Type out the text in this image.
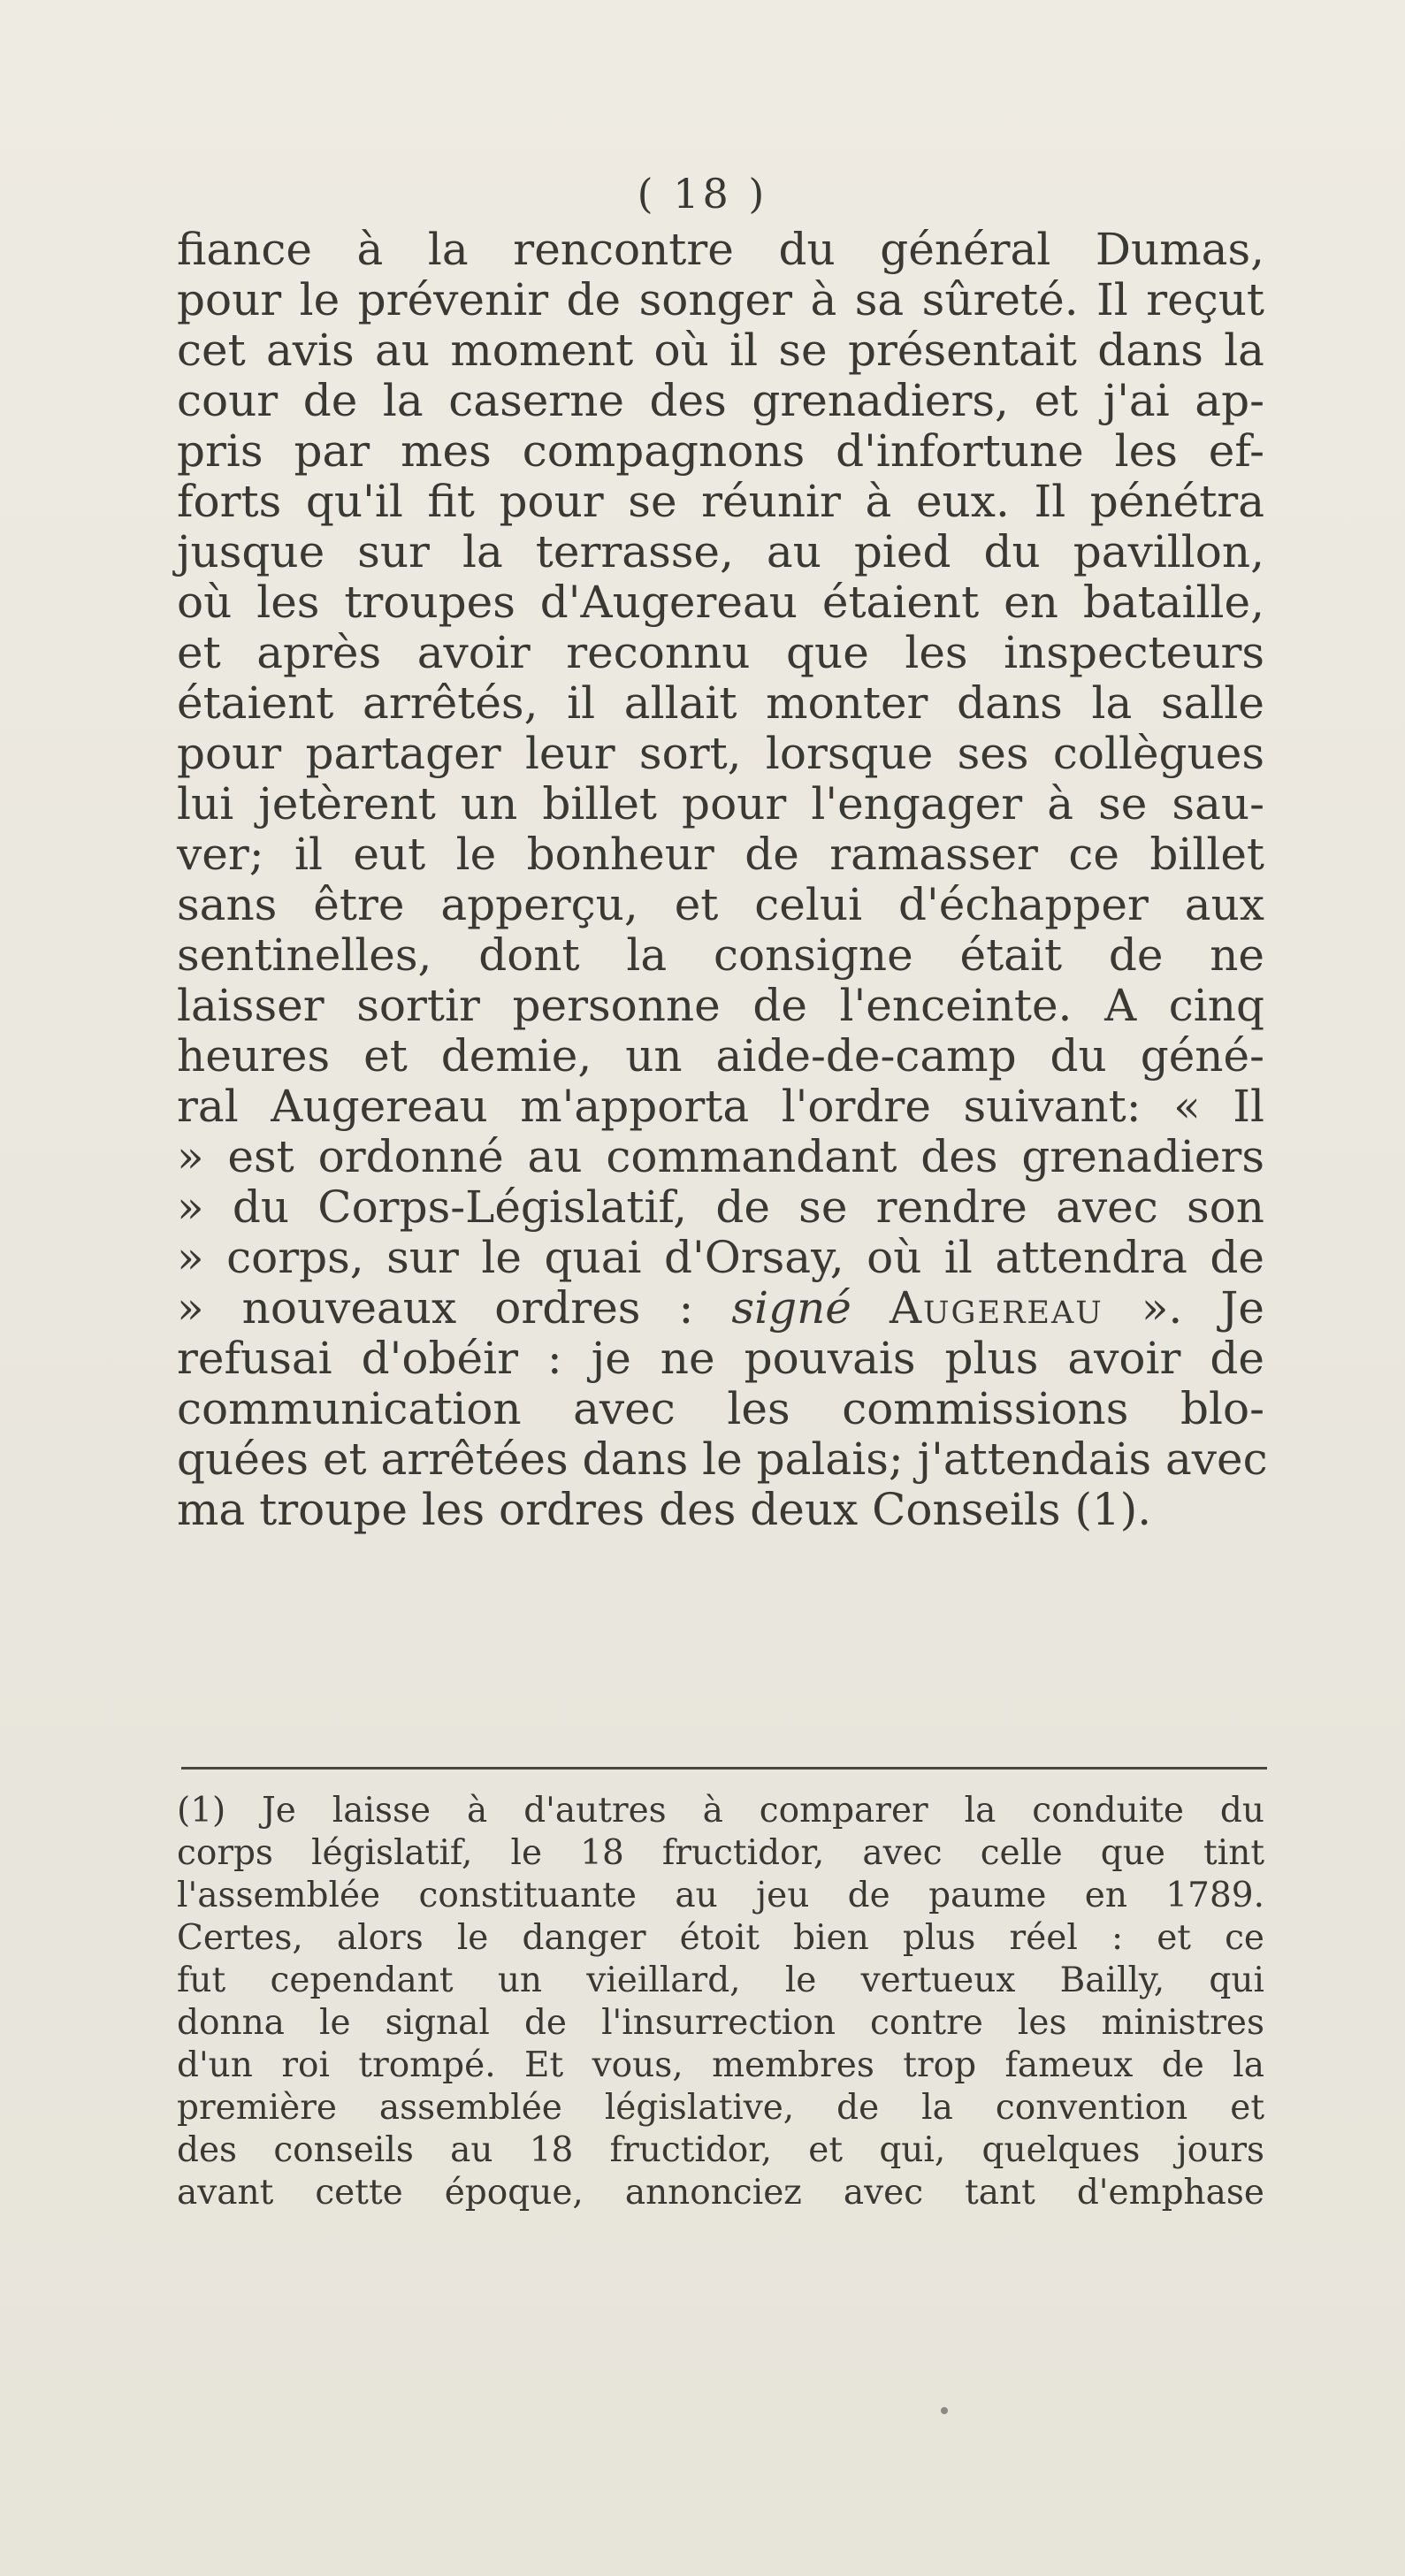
( 18 )
fiance à la rencontre du général Dumas,
pour le prévenir de songer à sa sûreté. Il reçut
cet avis au moment où il se présentait dans la
cour de la caserne des grenadiers, et j'ai ap-
pris par mes compagnons d'infortune les ef-
forts qu'il fit pour se réunir à eux. Il pénétra
jusque sur la terrasse, au pied du pavillon,
où les troupes d'Augereau étaient en bataille,
et après avoir reconnu que les inspecteurs
étaient arrêtés, il allait monter dans la salle
pour partager leur sort, lorsque ses collègues
lui jetèrent un billet pour l'engager à se sau-
ver; il eut le bonheur de ramasser ce billet
sans être apperçu, et celui d'échapper aux
sentinelles, dont la consigne était de ne
laisser sortir personne de l'enceinte. A cinq
heures et demie, un aide-de-camp du géné-
ral Augereau m'apporta l'ordre suivant: « Il
» est ordonné au commandant des grenadiers
» du Corps-Législatif, de se rendre avec son
» corps, sur le quai d'Orsay, où il attendra de
» nouveaux ordres : signé Augereau ». Je
refusai d'obéir : je ne pouvais plus avoir de
communication avec les commissions blo-
quées et arrêtées dans le palais; j'attendais avec
ma troupe les ordres des deux Conseils (1).
(1) Je laisse à d'autres à comparer la conduite du
corps législatif, le 18 fructidor, avec celle que tint
l'assemblée constituante au jeu de paume en 1789.
Certes, alors le danger étoit bien plus réel : et ce
fut cependant un vieillard, le vertueux Bailly, qui
donna le signal de l'insurrection contre les ministres
d'un roi trompé. Et vous, membres trop fameux de la
première assemblée législative, de la convention et
des conseils au 18 fructidor, et qui, quelques jours
avant cette époque, annonciez avec tant d'emphase
